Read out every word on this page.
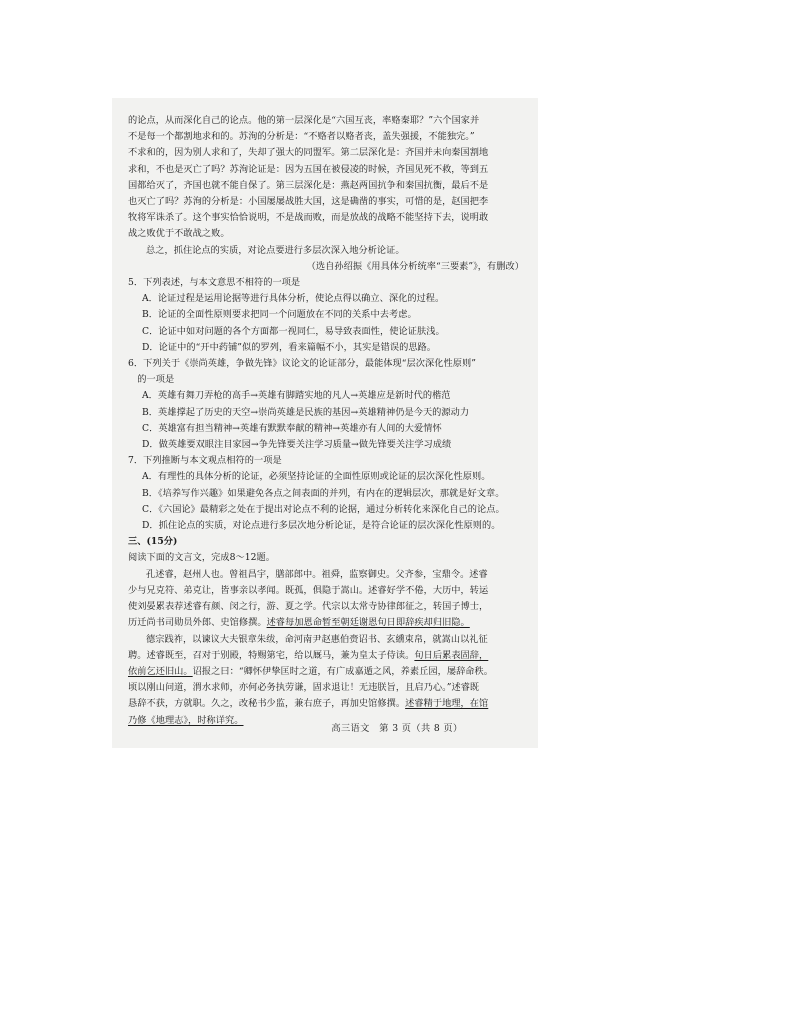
的论点，从而深化自己的论点。他的第一层深化是“六国互丧，率赂秦耶？”六个国家并

不是每一个都割地求和的。苏洵的分析是：“不赂者以赂者丧，盖失强援，不能独完。”

不求和的，因为别人求和了，失却了强大的同盟军。第二层深化是：齐国并未向秦国割地

求和，不也是灭亡了吗？苏洵论证是：因为五国在被侵凌的时候，齐国见死不救，等到五

国都给灭了，齐国也就不能自保了。第三层深化是：燕赵两国抗争和秦国抗衡，最后不是

也灭亡了吗？苏洵的分析是：小国屡屡战胜大国，这是确凿的事实，可惜的是，赵国把李

牧将军诛杀了。这个事实恰恰说明，不是战而败，而是放战的战略不能坚持下去，说明敢

战之败优于不敢战之败。

总之，抓住论点的实质，对论点要进行多层次深入地分析论证。

（选自孙绍振《用具体分析统率“三要素”》，有删改）

5．下列表述，与本文意思不相符的一项是

A．论证过程是运用论据等进行具体分析，使论点得以确立、深化的过程。

B．论证的全面性原则要求把同一个问题放在不同的关系中去考虑。

C．论证中如对问题的各个方面都一视同仁，易导致表面性，使论证肤浅。

D．论证中的“开中药铺”似的罗列，看来篇幅不小，其实是错误的思路。

6．下列关于《崇尚英雄，争做先锋》议论文的论证部分，最能体现“层次深化性原则”

　的一项是

A．英雄有舞刀弄枪的高手→英雄有脚踏实地的凡人→英雄应是新时代的楷范

B．英雄撑起了历史的天空→崇尚英雄是民族的基因→英雄精神仍是今天的源动力

C．英雄富有担当精神→英雄有默默奉献的精神→英雄亦有人间的大爱情怀

D．做英雄要双眼注目家园→争先锋要关注学习质量→做先锋要关注学习成绩

7．下列推断与本文观点相符的一项是

A．有理性的具体分析的论证，必须坚持论证的全面性原则或论证的层次深化性原则。

B．《培养写作兴趣》如果避免各点之间表面的并列，有内在的逻辑层次，那就是好文章。

C．《六国论》最精彩之处在于提出对论点不利的论据，通过分析转化来深化自己的论点。

D．抓住论点的实质，对论点进行多层次地分析论证，是符合论证的层次深化性原则的。

三、(15分)

阅读下面的文言文，完成8～12题。

孔述睿，赵州人也。曾祖昌宇，膳部郎中。祖舜，监察御史。父齐参，宝鼎令。述睿

少与兄克符、弟克让，皆事亲以孝闻。既孤，俱隐于嵩山。述睿好学不倦，大历中，转运

使刘晏累表荐述睿有颜、闵之行，游、夏之学。代宗以太常寺协律郎征之，转国子博士，

历迁尚书司勋员外郎、史馆修撰。述睿每加恩命暂至朝廷谢恩旬日即辞疾却归旧隐。

德宗践祚，以谏议大夫银章朱绂，命河南尹赵惠伯赍诏书、玄纁束帛，就嵩山以礼征

聘。述睿既至，召对于别殿，特赐第宅，给以厩马，兼为皇太子侍读。旬日后累表固辞，

依前乞还旧山。诏报之曰：“卿怀伊挚匡时之道，有广成嘉遁之风，养素丘园，屡辞命秩。

顷以刚山问道，渭水求师，亦何必务执劳谦，固求退让！无违朕旨，且启乃心。”述睿既

恳辞不获，方就职。久之，改秘书少监，兼右庶子，再加史馆修撰。述睿精于地理，在馆

乃修《地理志》，时称详究。

高三语文　第 3 页（共 8 页）
